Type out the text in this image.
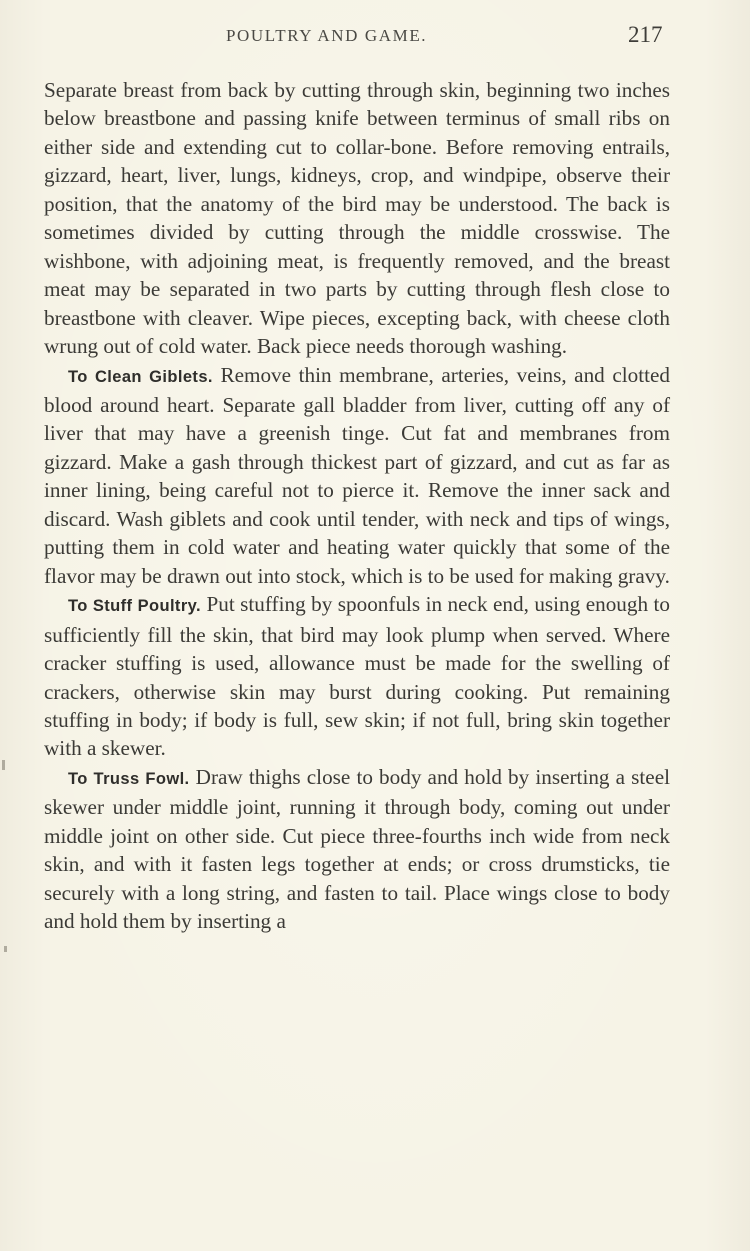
POULTRY AND GAME.	217

Separate breast from back by cutting through skin, beginning two inches below breastbone and passing knife between terminus of small ribs on either side and extending cut to collar-bone. Before removing entrails, gizzard, heart, liver, lungs, kidneys, crop, and windpipe, observe their position, that the anatomy of the bird may be understood. The back is sometimes divided by cutting through the middle crosswise. The wishbone, with adjoining meat, is frequently removed, and the breast meat may be separated in two parts by cutting through flesh close to breastbone with cleaver. Wipe pieces, excepting back, with cheese cloth wrung out of cold water. Back piece needs thorough washing.

To Clean Giblets. Remove thin membrane, arteries, veins, and clotted blood around heart. Separate gall bladder from liver, cutting off any of liver that may have a greenish tinge. Cut fat and membranes from gizzard. Make a gash through thickest part of gizzard, and cut as far as inner lining, being careful not to pierce it. Remove the inner sack and discard. Wash giblets and cook until tender, with neck and tips of wings, putting them in cold water and heating water quickly that some of the flavor may be drawn out into stock, which is to be used for making gravy.

To Stuff Poultry. Put stuffing by spoonfuls in neck end, using enough to sufficiently fill the skin, that bird may look plump when served. Where cracker stuffing is used, allowance must be made for the swelling of crackers, otherwise skin may burst during cooking. Put remaining stuffing in body; if body is full, sew skin; if not full, bring skin together with a skewer.

To Truss Fowl. Draw thighs close to body and hold by inserting a steel skewer under middle joint, running it through body, coming out under middle joint on other side. Cut piece three-fourths inch wide from neck skin, and with it fasten legs together at ends; or cross drumsticks, tie securely with a long string, and fasten to tail. Place wings close to body and hold them by inserting a
